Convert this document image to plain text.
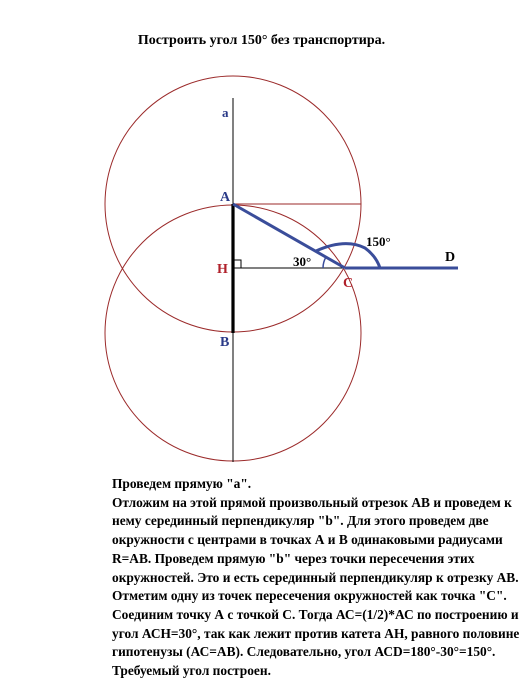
Построить угол 150° без транспортира.
a
A
H
B
C
D
30°
150°
Проведем прямую "a".
Отложим на этой прямой произвольный отрезок АВ и проведем к
нему серединный перпендикуляр "b". Для этого проведем две
окружности с центрами в точках А и В одинаковыми радиусами
R=AB. Проведем прямую "b" через точки пересечения этих
окружностей. Это и есть серединный перпендикуляр к отрезку АВ.
Отметим одну из точек пересечения окружностей как точка "С".
Соединим точку А с точкой С. Тогда АС=(1/2)*АС по построению и
угол АСН=30°, так как лежит против катета АН, равного половине
гипотенузы (АС=АВ). Следовательно, угол АСD=180°-30°=150°.
Требуемый угол построен.
